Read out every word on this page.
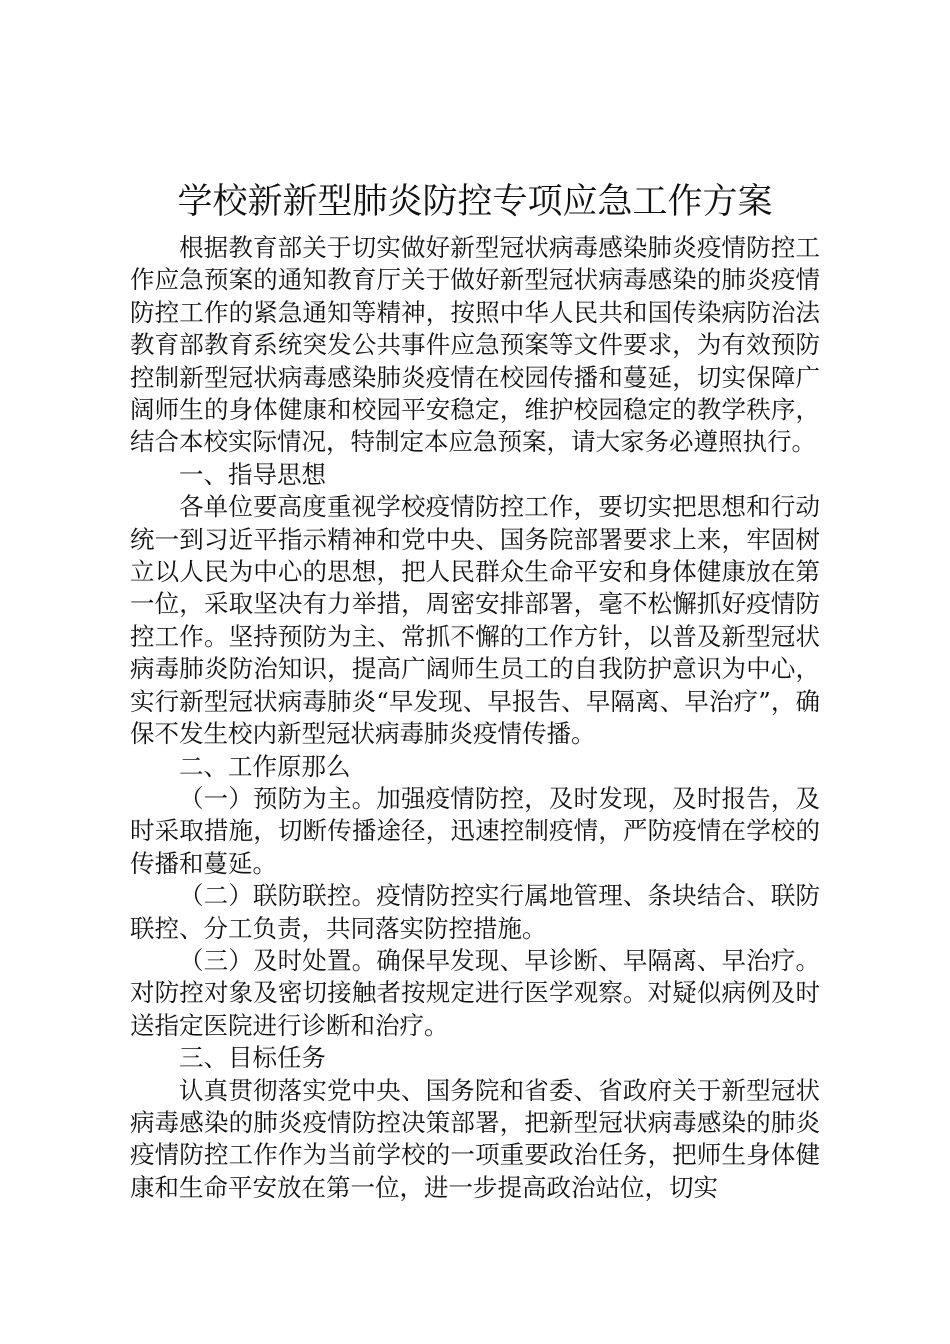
学校新新型肺炎防控专项应急工作方案

根据教育部关于切实做好新型冠状病毒感染肺炎疫情防控工作应急预案的通知教育厅关于做好新型冠状病毒感染的肺炎疫情防控工作的紧急通知等精神，按照中华人民共和国传染病防治法教育部教育系统突发公共事件应急预案等文件要求，为有效预防控制新型冠状病毒感染肺炎疫情在校园传播和蔓延，切实保障广阔师生的身体健康和校园平安稳定，维护校园稳定的教学秩序，结合本校实际情况，特制定本应急预案，请大家务必遵照执行。

一、指导思想

各单位要高度重视学校疫情防控工作，要切实把思想和行动统一到习近平指示精神和党中央、国务院部署要求上来，牢固树立以人民为中心的思想，把人民群众生命平安和身体健康放在第一位，采取坚决有力举措，周密安排部署，毫不松懈抓好疫情防控工作。坚持预防为主、常抓不懈的工作方针，以普及新型冠状病毒肺炎防治知识，提高广阔师生员工的自我防护意识为中心，实行新型冠状病毒肺炎“早发现、早报告、早隔离、早治疗”，确保不发生校内新型冠状病毒肺炎疫情传播。

二、工作原那么

（一）预防为主。加强疫情防控，及时发现，及时报告，及时采取措施，切断传播途径，迅速控制疫情，严防疫情在学校的传播和蔓延。

（二）联防联控。疫情防控实行属地管理、条块结合、联防联控、分工负责，共同落实防控措施。

（三）及时处置。确保早发现、早诊断、早隔离、早治疗。对防控对象及密切接触者按规定进行医学观察。对疑似病例及时送指定医院进行诊断和治疗。

三、目标任务

认真贯彻落实党中央、国务院和省委、省政府关于新型冠状病毒感染的肺炎疫情防控决策部署，把新型冠状病毒感染的肺炎疫情防控工作作为当前学校的一项重要政治任务，把师生身体健康和生命平安放在第一位，进一步提高政治站位，切实
